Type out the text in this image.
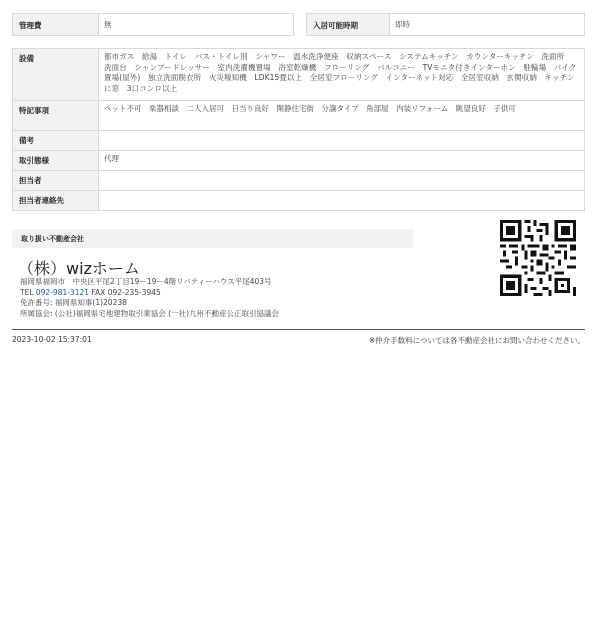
管理費	無		入居可能時期	即時
設備	都市ガス　給湯　トイレ　バス・トイレ別　シャワー　温水洗浄便座　収納スペース　システムキッチン　カウンターキッチン　洗面所　洗面台　シャンプードレッサー　室内洗濯機置場　浴室乾燥機　フローリング　バルコニー　TVモニタ付きインターホン　駐輪場　バイク置場(屋外)　独立洗面脱衣所　火災報知機　LDK15畳以上　全居室フローリング　インターネット対応　全居室収納　玄関収納　キッチンに窓　3口コンロ以上
特記事項	ペット不可　楽器相談　二人入居可　日当り良好　閑静住宅街　分譲タイプ　角部屋　内装リフォーム　眺望良好　子供可
備考	
取引態様	代理
担当者	
担当者連絡先	
取り扱い不動産会社
（株）wizホーム
福岡県福岡市　中央区平尾2丁目19ー19ー4階リバティーハウス平尾403号
TEL 092-981-3121 FAX 092-235-3945
免許番号: 福岡県知事(1)20238
所属協会: (公社)福岡県宅地建物取引業協会 (一社)九州不動産公正取引協議会
2023-10-02 15:37:01	※仲介手数料については各不動産会社にお問い合わせください。
